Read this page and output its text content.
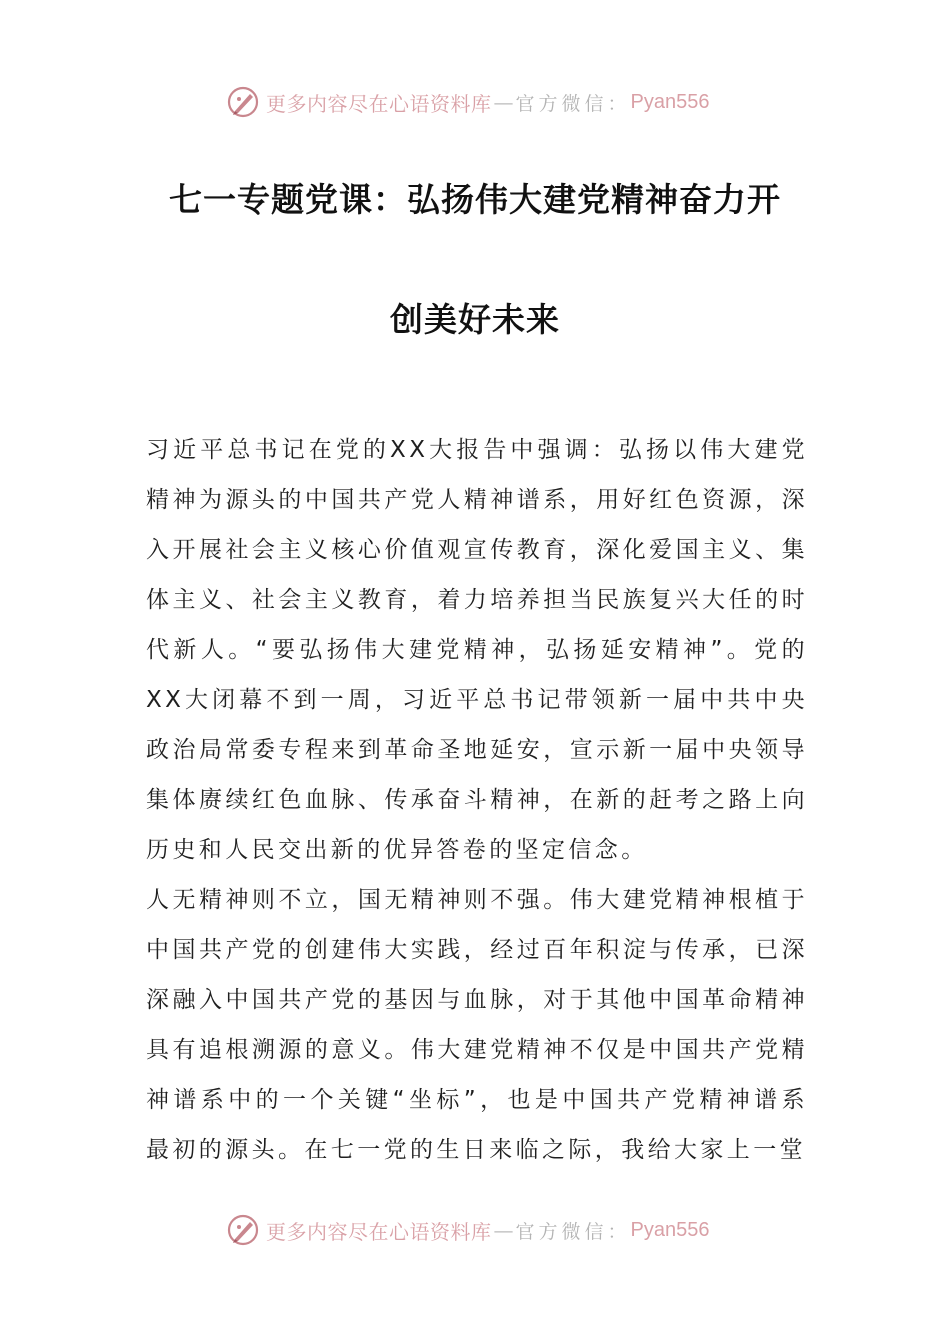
更多内容尽在心语资料库 — 官方微信： Pyan556
七一专题党课：弘扬伟大建党精神奋力开
创美好未来

习近平总书记在党的XX大报告中强调：弘扬以伟大建党精神为源头的中国共产党人精神谱系，用好红色资源，深入开展社会主义核心价值观宣传教育，深化爱国主义、集体主义、社会主义教育，着力培养担当民族复兴大任的时代新人。“要弘扬伟大建党精神，弘扬延安精神”。党的XX大闭幕不到一周，习近平总书记带领新一届中共中央政治局常委专程来到革命圣地延安，宣示新一届中央领导集体赓续红色血脉、传承奋斗精神，在新的赶考之路上向历史和人民交出新的优异答卷的坚定信念。

人无精神则不立，国无精神则不强。伟大建党精神根植于中国共产党的创建伟大实践，经过百年积淀与传承，已深深融入中国共产党的基因与血脉，对于其他中国革命精神具有追根溯源的意义。伟大建党精神不仅是中国共产党精神谱系中的一个关键“坐标”，也是中国共产党精神谱系最初的源头。在七一党的生日来临之际，我给大家上一堂

更多内容尽在心语资料库 — 官方微信： Pyan556
